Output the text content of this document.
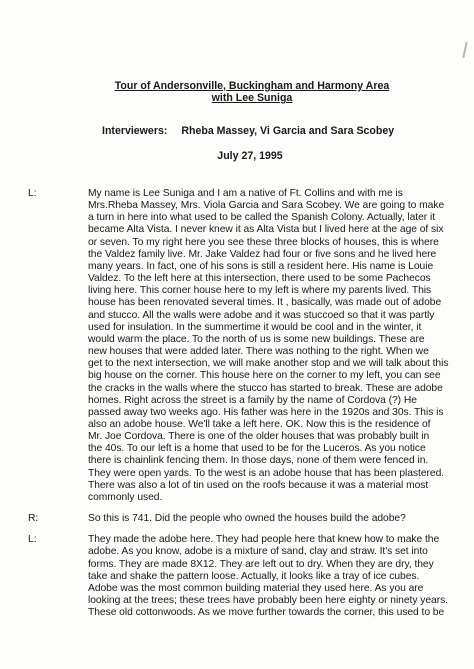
Tour of Andersonville, Buckingham and Harmony Area
with Lee Suniga
Interviewers: Rheba Massey, Vi Garcia and Sara Scobey
July 27, 1995
L:	My name is Lee Suniga and I am a native of Ft. Collins and with me is
Mrs.Rheba Massey, Mrs. Viola Garcia and Sara Scobey. We are going to make
a turn in here into what used to be called the Spanish Colony. Actually, later it
became Alta Vista. I never knew it as Alta Vista but I lived here at the age of six
or seven. To my right here you see these three blocks of houses, this is where
the Valdez family live. Mr. Jake Valdez had four or five sons and he lived here
many years. In fact, one of his sons is still a resident here. His name is Louie
Valdez. To the left here at this intersection, there used to be some Pachecos
living here. This corner house here to my left is where my parents lived. This
house has been renovated several times. It , basically, was made out of adobe
and stucco. All the walls were adobe and it was stuccoed so that it was partly
used for insulation. In the summertime it would be cool and in the winter, it
would warm the place. To the north of us is some new buildings. These are
new houses that were added later. There was nothing to the right. When we
get to the next intersection, we will make another stop and we will talk about this
big house on the corner. This house here on the corner to my left, you can see
the cracks in the walls where the stucco has started to break. These are adobe
homes. Right across the street is a family by the name of Cordova (?) He
passed away two weeks ago. His father was here in the 1920s and 30s. This is
also an adobe house. We'll take a left here. OK. Now this is the residence of
Mr. Joe Cordova. There is one of the older houses that was probably built in
the 40s. To our left is a home that used to be for the Luceros. As you notice
there is chainlink fencing them. In those days, none of them were fenced in.
They were open yards. To the west is an adobe house that has been plastered.
There was also a lot of tin used on the roofs because it was a material most
commonly used.
R:	So this is 741. Did the people who owned the houses build the adobe?
L:	They made the adobe here. They had people here that knew how to make the
adobe. As you know, adobe is a mixture of sand, clay and straw. It's set into
forms. They are made 8X12. They are left out to dry. When they are dry, they
take and shake the pattern loose. Actually, it looks like a tray of ice cubes.
Adobe was the most common building material they used here. As you are
looking at the trees; these trees have probably been here eighty or ninety years.
These old cottonwoods. As we move further towards the corner, this used to be
